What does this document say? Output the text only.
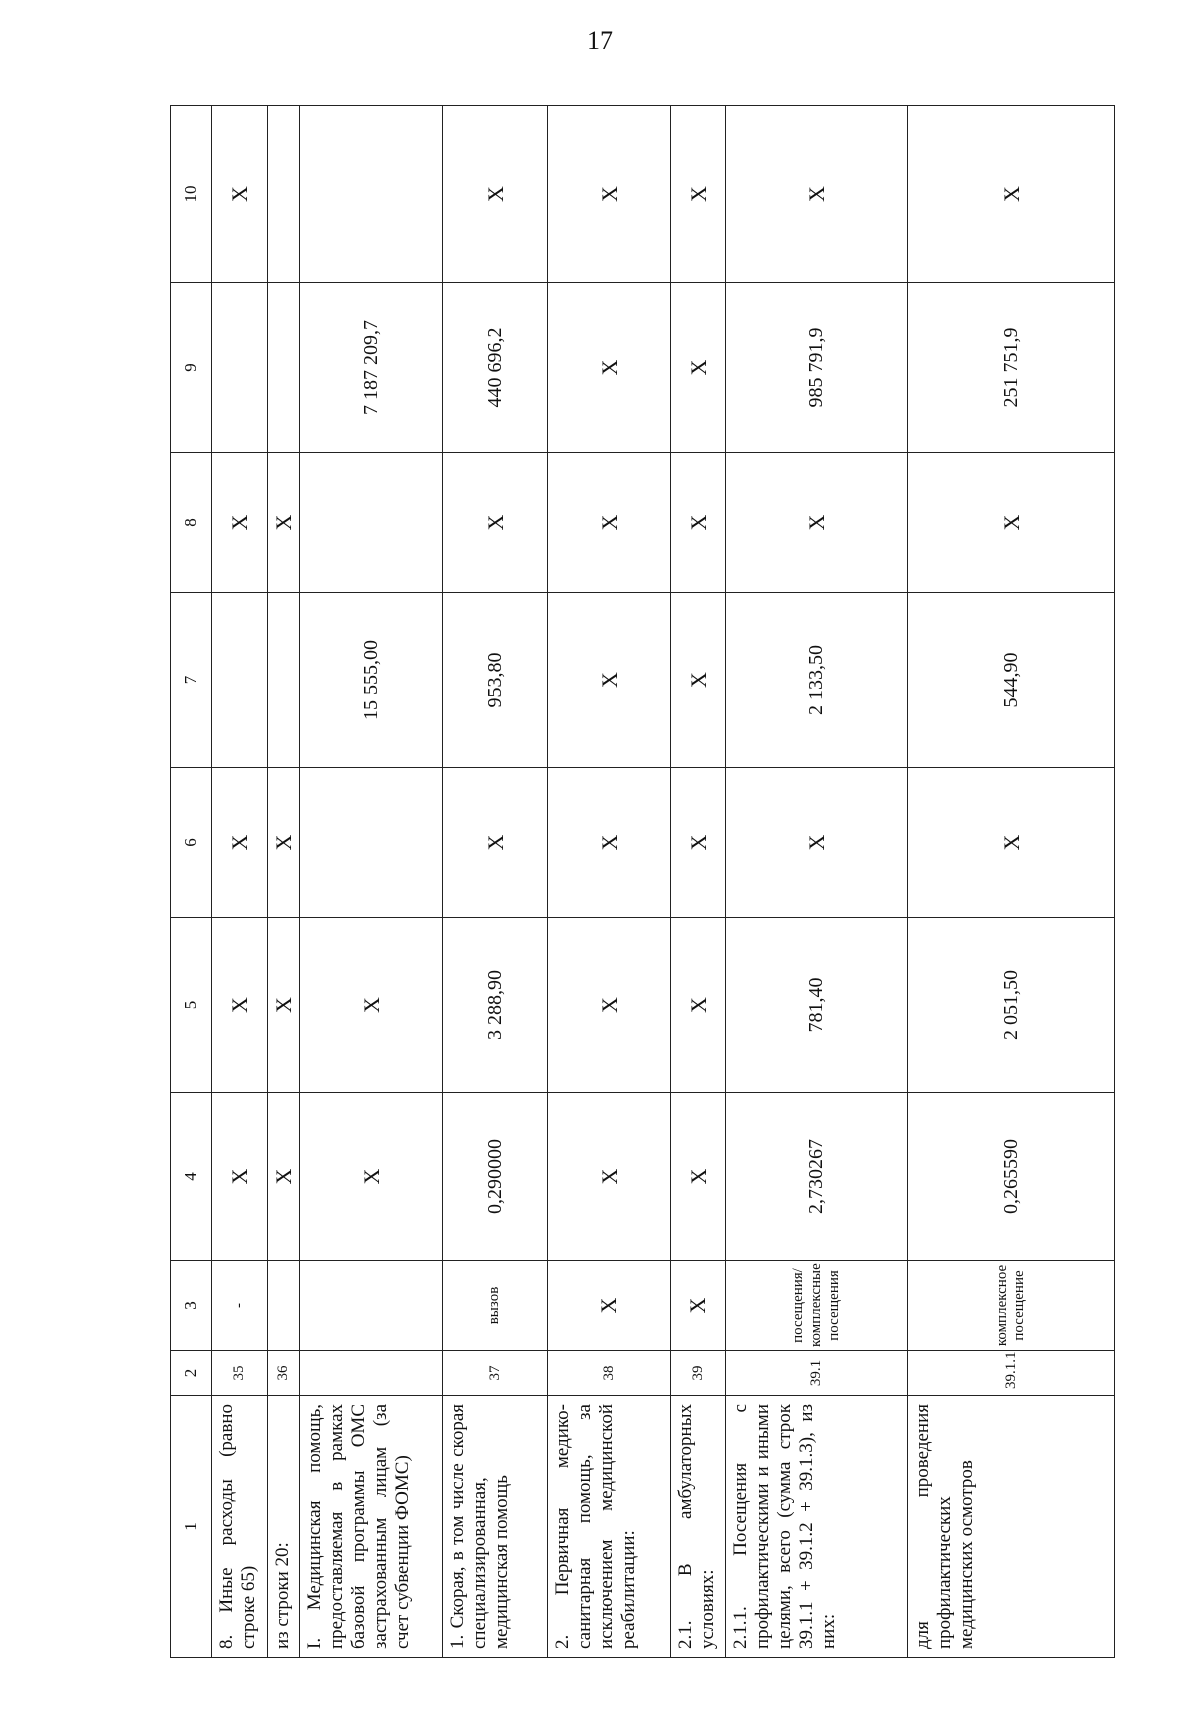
17
1	2	3	4	5	6	7	8	9	10
8. Иные расходы (равно строке 65)	35	-	X	X	X		X		X
из строки 20:	36		X	X	X		X		
I. Медицинская помощь, предоставляемая в рамках базовой программы ОМС застрахованным лицам (за счет субвенции ФОМС)			X	X		15 555,00		7 187 209,7	
1. Скорая, в том числе скорая специализированная, медицинская помощь	37	вызов	0,290000	3 288,90	X	953,80	X	440 696,2	X
2. Первичная медико-санитарная помощь, за исключением медицинской реабилитации:	38	X	X	X	X	X	X	X	X
2.1. В амбулаторных условиях:	39	X	X	X	X	X	X	X	X
2.1.1. Посещения с профилактическими и иными целями, всего (сумма строк 39.1.1 + 39.1.2 + 39.1.3), из них:	39.1	посещения/комплексные посещения	2,730267	781,40	X	2 133,50	X	985 791,9	X
для проведения профилактических медицинских осмотров	39.1.1	комплексное посещение	0,265590	2 051,50	X	544,90	X	251 751,9	X
